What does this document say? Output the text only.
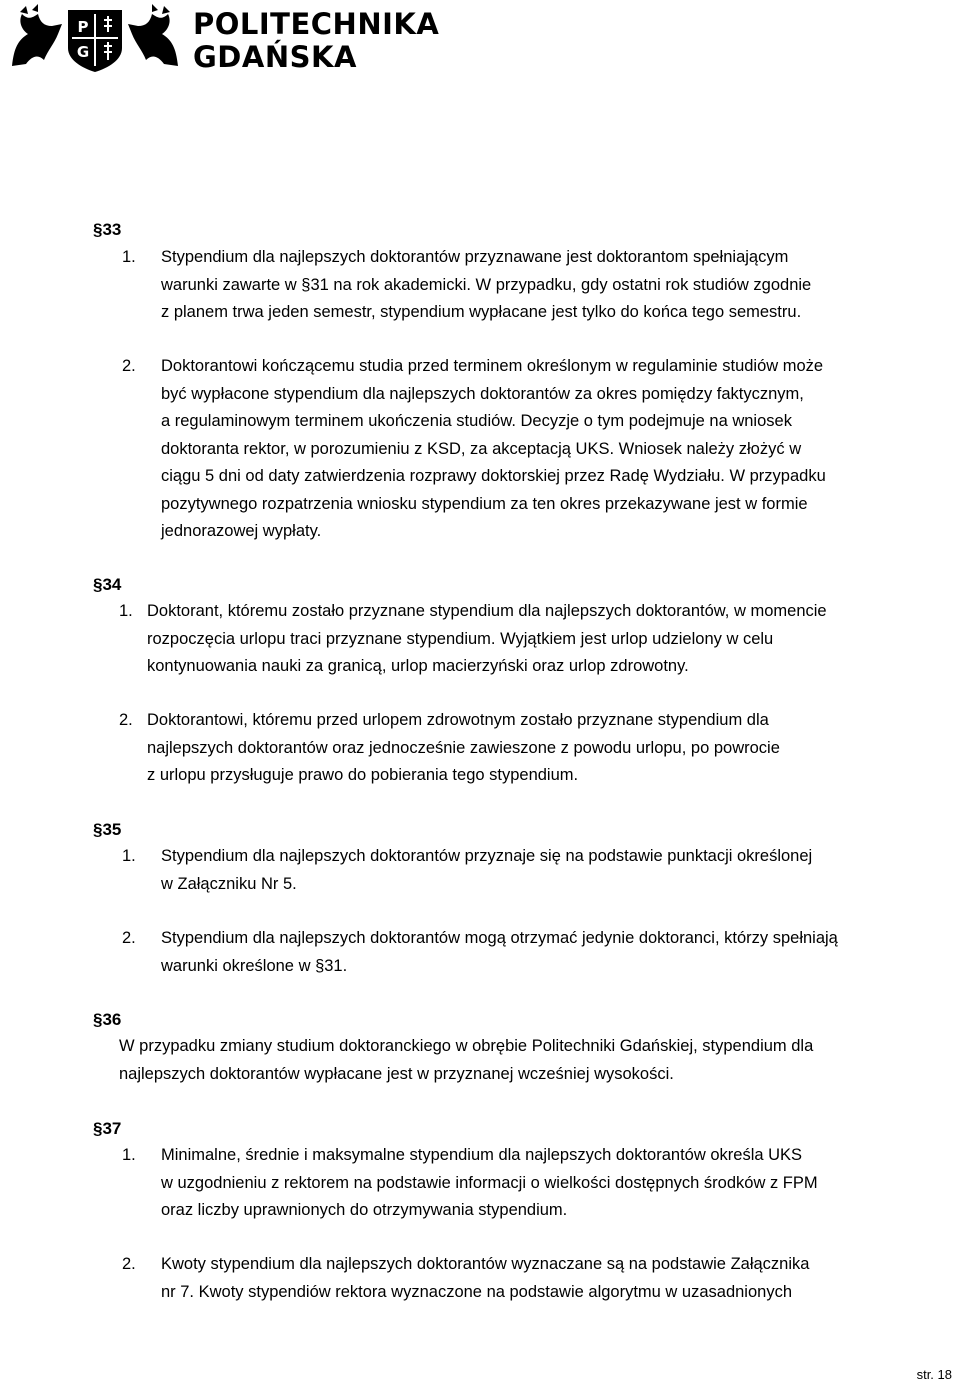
P
G
POLITECHNIKA
GDAŃSKA
§33
1. Stypendium dla najlepszych doktorantów przyznawane jest doktorantom spełniającym
warunki zawarte w §31 na rok akademicki. W przypadku, gdy ostatni rok studiów zgodnie
z planem trwa jeden semestr, stypendium wypłacane jest tylko do końca tego semestru.
2. Doktorantowi kończącemu studia przed terminem określonym w regulaminie studiów może
być wypłacone stypendium dla najlepszych doktorantów za okres pomiędzy faktycznym,
a regulaminowym terminem ukończenia studiów. Decyzje o tym podejmuje na wniosek
doktoranta rektor, w porozumieniu z KSD, za akceptacją UKS. Wniosek należy złożyć w
ciągu 5 dni od daty zatwierdzenia rozprawy doktorskiej przez Radę Wydziału. W przypadku
pozytywnego rozpatrzenia wniosku stypendium za ten okres przekazywane jest w formie
jednorazowej wypłaty.
§34
1. Doktorant, któremu zostało przyznane stypendium dla najlepszych doktorantów, w momencie
rozpoczęcia urlopu traci przyznane stypendium. Wyjątkiem jest urlop udzielony w celu
kontynuowania nauki za granicą, urlop macierzyński oraz urlop zdrowotny.
2. Doktorantowi, któremu przed urlopem zdrowotnym zostało przyznane stypendium dla
najlepszych doktorantów oraz jednocześnie zawieszone z powodu urlopu, po powrocie
z urlopu przysługuje prawo do pobierania tego stypendium.
§35
1. Stypendium dla najlepszych doktorantów przyznaje się na podstawie punktacji określonej
w Załączniku Nr 5.
2. Stypendium dla najlepszych doktorantów mogą otrzymać jedynie doktoranci, którzy spełniają
warunki określone w §31.
§36
W przypadku zmiany studium doktoranckiego w obrębie Politechniki Gdańskiej, stypendium dla
najlepszych doktorantów wypłacane jest w przyznanej wcześniej wysokości.
§37
1. Minimalne, średnie i maksymalne stypendium dla najlepszych doktorantów określa UKS
w uzgodnieniu z rektorem na podstawie informacji o wielkości dostępnych środków z FPM
oraz liczby uprawnionych do otrzymywania stypendium.
2. Kwoty stypendium dla najlepszych doktorantów wyznaczane są na podstawie Załącznika
nr 7. Kwoty stypendiów rektora wyznaczone na podstawie algorytmu w uzasadnionych
str. 18
